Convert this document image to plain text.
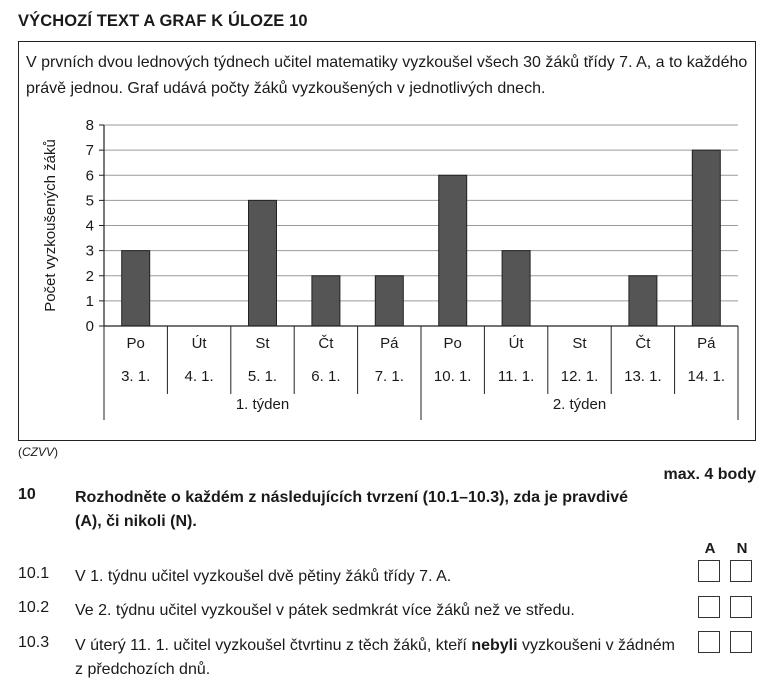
VÝCHOZÍ TEXT A GRAF K ÚLOZE 10
V prvních dvou lednových týdnech učitel matematiky vyzkoušel všech 30 žáků třídy 7. A, a to každého právě jednou. Graf udává počty žáků vyzkoušených v jednotlivých dnech.
0
1
2
3
4
5
6
7
8
Počet vyzkoušených žáků
Po
3. 1.
Út
4. 1.
St
5. 1.
Čt
6. 1.
Pá
7. 1.
Po
10. 1.
Út
11. 1.
St
12. 1.
Čt
13. 1.
Pá
14. 1.
1. týden	2. týden
(CZVV)
max. 4 body
10 Rozhodněte o každém z následujících tvrzení (10.1–10.3), zda je pravdivé (A), či nikoli (N).
A	N
10.1 V 1. týdnu učitel vyzkoušel dvě pětiny žáků třídy 7. A.
10.2 Ve 2. týdnu učitel vyzkoušel v pátek sedmkrát více žáků než ve středu.
10.3 V úterý 11. 1. učitel vyzkoušel čtvrtinu z těch žáků, kteří nebyli vyzkoušeni v žádném z předchozích dnů.
